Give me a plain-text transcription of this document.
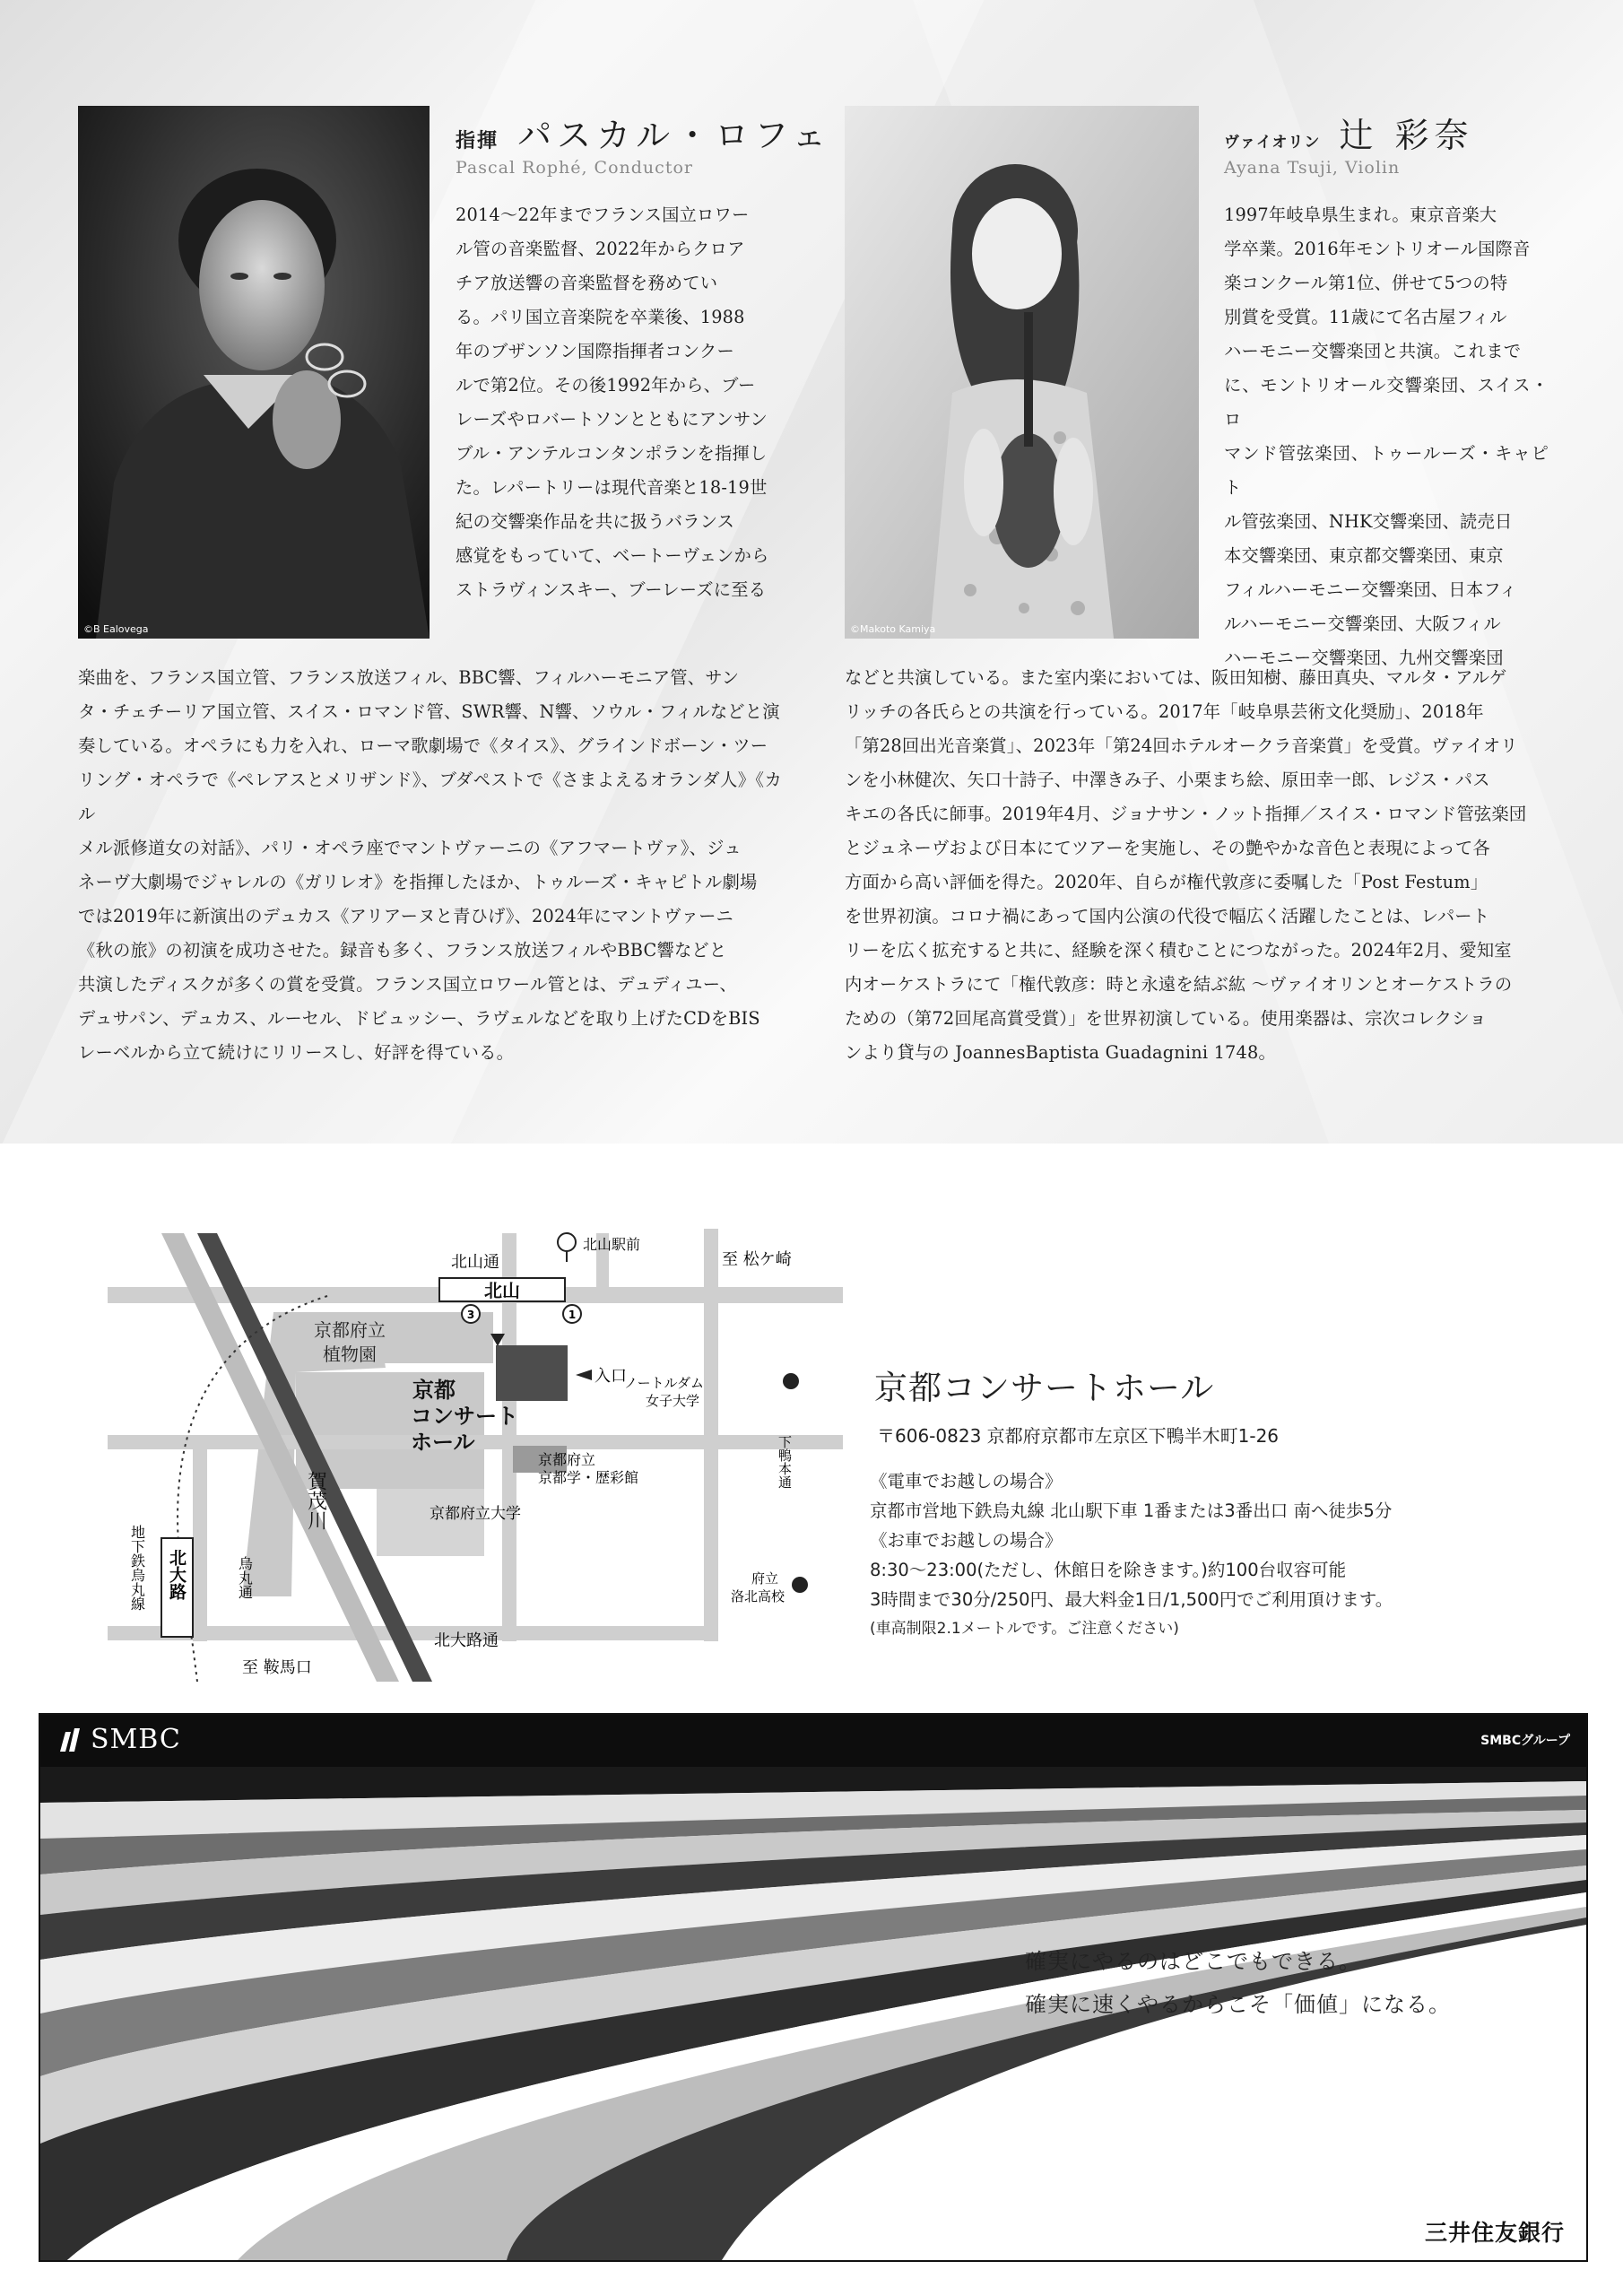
©B Ealovega
指揮 パスカル・ロフェ
Pascal Rophé, Conductor
2014～22年までフランス国立ロワー
ル管の音楽監督、2022年からクロア
チア放送響の音楽監督を務めてい
る。パリ国立音楽院を卒業後、1988
年のブザンソン国際指揮者コンクー
ルで第2位。その後1992年から、ブー
レーズやロバートソンとともにアンサン
ブル・アンテルコンタンポランを指揮し
た。レパートリーは現代音楽と18-19世
紀の交響楽作品を共に扱うバランス
感覚をもっていて、ベートーヴェンから
ストラヴィンスキー、ブーレーズに至る
楽曲を、フランス国立管、フランス放送フィル、BBC響、フィルハーモニア管、サン
タ・チェチーリア国立管、スイス・ロマンド管、SWR響、N響、ソウル・フィルなどと演
奏している。オペラにも力を入れ、ローマ歌劇場で《タイス》、グラインドボーン・ツー
リング・オペラで《ペレアスとメリザンド》、ブダペストで《さまよえるオランダ人》《カル
メル派修道女の対話》、パリ・オペラ座でマントヴァーニの《アフマートヴァ》、ジュ
ネーヴ大劇場でジャレルの《ガリレオ》を指揮したほか、トゥルーズ・キャピトル劇場
では2019年に新演出のデュカス《アリアーヌと青ひげ》、2024年にマントヴァーニ
《秋の旅》の初演を成功させた。録音も多く、フランス放送フィルやBBC響などと
共演したディスクが多くの賞を受賞。フランス国立ロワール管とは、デュディユー、
デュサパン、デュカス、ルーセル、ドビュッシー、ラヴェルなどを取り上げたCDをBIS
レーベルから立て続けにリリースし、好評を得ている。
©Makoto Kamiya
ヴァイオリン 辻 彩奈
Ayana Tsuji, Violin
1997年岐阜県生まれ。東京音楽大
学卒業。2016年モントリオール国際音
楽コンクール第1位、併せて5つの特
別賞を受賞。11歳にて名古屋フィル
ハーモニー交響楽団と共演。これまで
に、モントリオール交響楽団、スイス・ロ
マンド管弦楽団、トゥールーズ・キャピト
ル管弦楽団、NHK交響楽団、読売日
本交響楽団、東京都交響楽団、東京
フィルハーモニー交響楽団、日本フィ
ルハーモニー交響楽団、大阪フィル
ハーモニー交響楽団、九州交響楽団
などと共演している。また室内楽においては、阪田知樹、藤田真央、マルタ・アルゲ
リッチの各氏らとの共演を行っている。2017年「岐阜県芸術文化奨励」、2018年
「第28回出光音楽賞」、2023年「第24回ホテルオークラ音楽賞」を受賞。ヴァイオリ
ンを小林健次、矢口十詩子、中澤きみ子、小栗まち絵、原田幸一郎、レジス・パス
キエの各氏に師事。2019年4月、ジョナサン・ノット指揮／スイス・ロマンド管弦楽団
とジュネーヴおよび日本にてツアーを実施し、その艶やかな音色と表現によって各
方面から高い評価を得た。2020年、自らが権代敦彦に委嘱した「Post Festum」
を世界初演。コロナ禍にあって国内公演の代役で幅広く活躍したことは、レパート
リーを広く拡充すると共に、経験を深く積むことにつながった。2024年2月、愛知室
内オーケストラにて「権代敦彦：時と永遠を結ぶ紘 ～ヴァイオリンとオーケストラの
ための（第72回尾高賞受賞）」を世界初演している。使用楽器は、宗次コレクショ
ンより貸与の JoannesBaptista Guadagnini 1748。
北山
3	1
北山通
北山駅前
至 松ケ崎
京都府立
植物園
京都
コンサート
ホール
入口
ノートルダム
女子大学
京都府立
京都学・歴彩館
京都府立大学
北大路通
府立
洛北高校
至 鞍馬口
賀茂川
下鴨本通
烏丸通
地下鉄烏丸線 北大路
京都コンサートホール
〒606-0823 京都府京都市左京区下鴨半木町1-26
《電車でお越しの場合》
京都市営地下鉄烏丸線 北山駅下車 1番または3番出口 南へ徒歩5分
《お車でお越しの場合》
8:30～23:00(ただし、休館日を除きます。)約100台収容可能
3時間まで30分/250円、最大料金1日/1,500円でご利用頂けます。
(車高制限2.1メートルです。ご注意ください)
SMBC	SMBCグループ
確実にやるのはどこでもできる。
確実に速くやるからこそ「価値」になる。
三井住友銀行
